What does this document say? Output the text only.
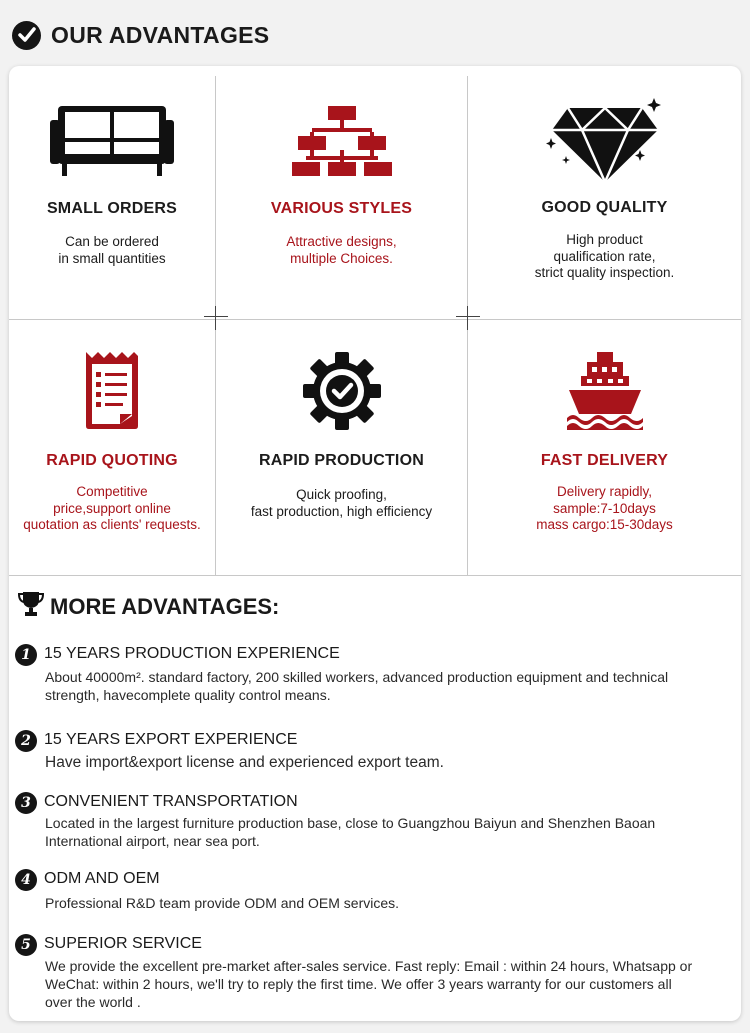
OUR ADVANTAGES
SMALL ORDERS
Can be ordered
in small quantities
VARIOUS STYLES
Attractive designs,
multiple Choices.
GOOD QUALITY
High product
qualification rate,
strict quality inspection.
RAPID QUOTING
Competitive
price,support online
quotation as clients' requests.
RAPID PRODUCTION
Quick proofing,
fast production, high efficiency
FAST DELIVERY
Delivery rapidly,
sample:7-10days
mass cargo:15-30days
MORE ADVANTAGES:
1 15 YEARS PRODUCTION EXPERIENCE
About 40000m². standard factory, 200 skilled workers, advanced production equipment and technical
strength, havecomplete quality control means.
2 15 YEARS EXPORT EXPERIENCE
Have import&export license and experienced export team.
3 CONVENIENT TRANSPORTATION
Located in the largest furniture production base, close to Guangzhou Baiyun and Shenzhen Baoan
International airport, near sea port.
4 ODM AND OEM
Professional R&D team provide ODM and OEM services.
5 SUPERIOR SERVICE
We provide the excellent pre-market after-sales service. Fast reply: Email : within 24 hours, Whatsapp or
WeChat: within 2 hours, we'll try to reply the first time. We offer 3 years warranty for our customers all
over the world .
